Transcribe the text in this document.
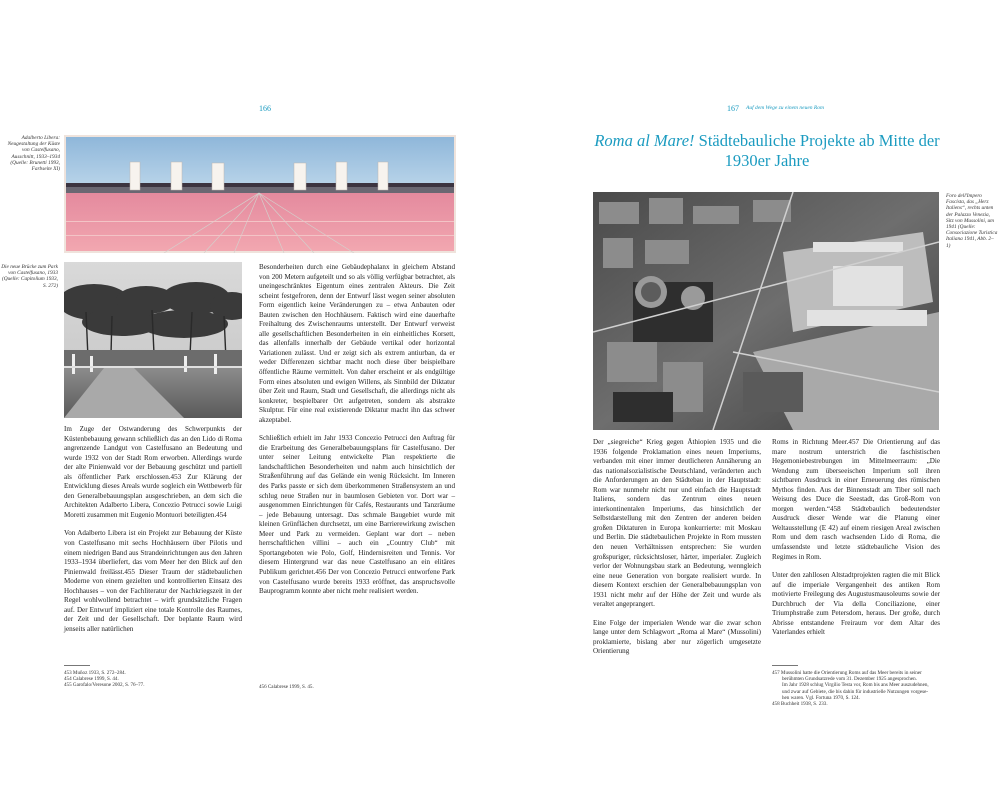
166
Adalberto Libera: Neugestaltung der Küste von Castelfusano, Ausschnitt, 1933–1934 (Quelle: Brunetti 1993, Farbseite XI)
Die neue Brücke zum Park von Castelfusano, 1933 (Quelle: Capitolium 1933, S. 272)

Im Zuge der Ostwanderung des Schwerpunkts der Küstenbebauung gewann schließlich das an den Lido di Roma angrenzende Landgut von Castelfusano an Bedeutung und wurde 1932 von der Stadt Rom erworben. Allerdings wurde der alte Pinienwald vor der Bebauung geschützt und partiell als öffentlicher Park erschlossen.453 Zur Klärung der Entwicklung dieses Areals wurde sogleich ein Wettbewerb für den Generalbebauungsplan ausgeschrieben, an dem sich die Architekten Adalberto Libera, Concezio Petrucci sowie Luigi Moretti zusammen mit Eugenio Montuori beteiligten.454

Von Adalberto Libera ist ein Projekt zur Bebauung der Küste von Castelfusano mit sechs Hochhäusern über Pilotis und einem niedrigen Band aus Strandeinrichtungen aus den Jahren 1933–1934 überliefert, das vom Meer her den Blick auf den Pinienwald freilässt.455 Dieser Traum der städtebaulichen Moderne von einem gezielten und kontrollierten Einsatz des Hochhauses – von der Fachliteratur der Nachkriegszeit in der Regel wohlwollend betrachtet – wirft grundsätzliche Fragen auf. Der Entwurf impliziert eine totale Kontrolle des Raumes, der Zeit und der Gesellschaft. Der beplante Raum wird jenseits aller natürlichen

Besonderheiten durch eine Gebäudephalanx in gleichem Abstand von 200 Metern aufgeteilt und so als völlig verfügbar betrachtet, als uneingeschränktes Eigentum eines zentralen Akteurs. Die Zeit scheint festgefroren, denn der Entwurf lässt wegen seiner absoluten Form eigentlich keine Veränderungen zu – etwa Anbauten oder Bauten zwischen den Hochhäusern. Faktisch wird eine dauerhafte Freihaltung des Zwischenraums unterstellt. Der Entwurf verweist alle gesellschaftlichen Besonderheiten in ein einheitliches Korsett, das allenfalls innerhalb der Gebäude vertikal oder horizontal Variationen zulässt. Und er zeigt sich als extrem antiurban, da er weder Differenzen sichtbar macht noch diese über beispielbare öffentliche Räume vermittelt. Von daher erscheint er als endgültige Form eines absoluten und ewigen Willens, als Sinnbild der Diktatur über Zeit und Raum, Stadt und Gesellschaft, die allerdings nicht als konkreter, bespielbarer Ort aufgetreten, sondern als abstrakte Skulptur. Für eine real existierende Diktatur macht ihn das schwer akzeptabel.

Schließlich erhielt im Jahr 1933 Concezio Petrucci den Auftrag für die Erarbeitung des Generalbebauungsplans für Castelfusano. Der unter seiner Leitung entwickelte Plan respektierte die landschaftlichen Besonderheiten und nahm auch hinsichtlich der Straßenführung auf das Gelände ein wenig Rücksicht. Im Inneren des Parks passte er sich dem überkommenen Straßensystem an und schlug neue Straßen nur in baumlosen Gebieten vor. Dort war – ausgenommen Einrichtungen für Cafés, Restaurants und Tanzräume – jede Bebauung untersagt. Das schmale Baugebiet wurde mit kleinen Grünflächen durchsetzt, um eine Barrierewirkung zwischen Meer und Park zu vermeiden. Geplant war dort – neben herrschaftlichen villini – auch ein „Country Club“ mit Sportangeboten wie Polo, Golf, Hindernisreiten und Tennis. Vor diesem Hintergrund war das neue Castelfusano an ein elitäres Publikum gerichtet.456 Der von Concezio Petrucci entworfene Park von Castelfusano wurde bereits 1933 eröffnet, das anspruchsvolle Bauprogramm konnte aber nicht mehr realisiert werden.

453 Muñoz 1933, S. 272–284.
454 Calabrese 1999, S. 44.
455 Garofalo/Veresone 2002, S. 76–77.	456 Calabrese 1999, S. 45.
167 Auf dem Wege zu einem neuen Rom
Roma al Mare! Städtebauliche Projekte ab Mitte der 1930er Jahre
Foro dell'Impero Fascista, das „Herz Italiens“, rechts unten der Palazzo Venezia, Sitz von Mussolini, um 1941 (Quelle: Consociazione Turistica Italiana 1941, Abb. 2–1)

Der „siegreiche“ Krieg gegen Äthiopien 1935 und die 1936 folgende Proklamation eines neuen Imperiums, verbanden mit einer immer deutlicheren Annäherung an das nationalsozialistische Deutschland, veränderten auch die Anforderungen an den Städtebau in der Hauptstadt: Rom war nunmehr nicht nur und einfach die Hauptstadt Italiens, sondern das Zentrum eines neuen interkontinentalen Imperiums, das hinsichtlich der Selbstdarstellung mit den Zentren der anderen beiden großen Diktaturen in Europa konkurrierte: mit Moskau und Berlin. Die städtebaulichen Projekte in Rom mussten den neuen Verhältnissen entsprechen: Sie wurden großspuriger, rücksichtsloser, härter, imperialer. Zugleich verlor der Wohnungsbau stark an Bedeutung, wenngleich eine neue Generation von borgate realisiert wurde. In diesem Kontext erschien der Generalbebauungsplan von 1931 nicht mehr auf der Höhe der Zeit und wurde als veraltet angeprangert.

Eine Folge der imperialen Wende war die zwar schon lange unter dem Schlagwort „Roma al Mare“ (Mussolini) proklamierte, bislang aber nur zögerlich umgesetzte Orientierung

Roms in Richtung Meer.457 Die Orientierung auf das mare nostrum unterstrich die faschistischen Hegemoniebestrebungen im Mittelmeerraum: „Die Wendung zum überseeischen Imperium soll ihren sichtbaren Ausdruck in einer Erneuerung des römischen Mythos finden. Aus der Binnenstadt am Tiber soll nach Weisung des Duce die Seestadt, das Groß-Rom von morgen werden.“458 Städtebaulich bedeutendster Ausdruck dieser Wende war die Planung einer Weltausstellung (E 42) auf einem riesigen Areal zwischen Rom und dem rasch wachsenden Lido di Roma, die umfassendste und letzte städtebauliche Vision des Regimes in Rom.

Unter den zahllosen Altstadtprojekten ragten die mit Blick auf die imperiale Vergangenheit des antiken Rom motivierte Freilegung des Augustusmausoleums sowie der Durchbruch der Via della Conciliazione, einer Triumphstraße zum Petersdom, heraus. Der große, durch Abrisse entstandene Freiraum vor dem Altar des Vaterlandes erhielt

457 Mussolini hatte die Orientierung Roms auf das Meer bereits in seiner
berühmten Grundsatzrede vom 31. Dezember 1925 angesprochen.
Im Jahr 1928 schlug Virgilio Testa vor, Rom bis ans Meer auszudehnen,
und zwar auf Gebiete, die bis dahin für industrielle Nutzungen vorgese-
hen waren. Vgl. Fortuna 1970, S. 124.
458 Buchheit 1938, S. 233.
